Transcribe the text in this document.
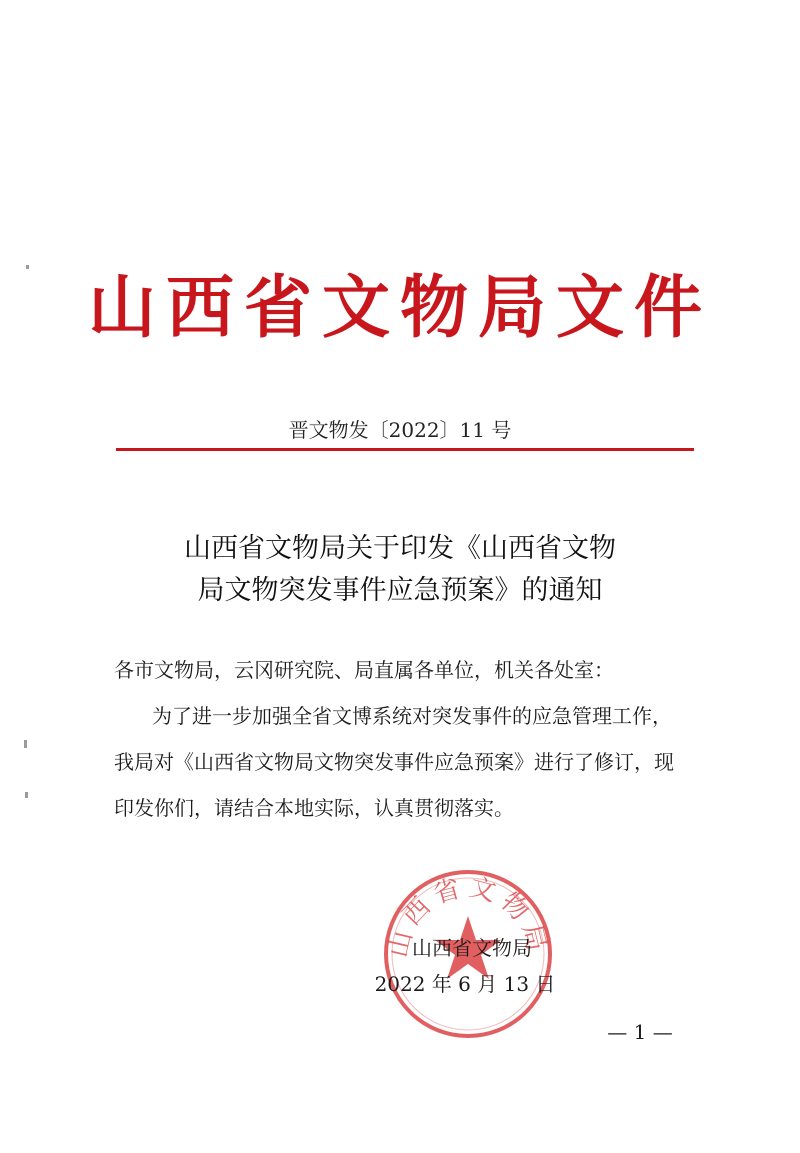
山西省文物局文件
晋文物发〔2022〕11 号
山西省文物局关于印发《山西省文物
局文物突发事件应急预案》的通知

各市文物局，云冈研究院、局直属各单位，机关各处室：

为了进一步加强全省文博系统对突发事件的应急管理工作，

我局对《山西省文物局文物突发事件应急预案》进行了修订，现

印发你们，请结合本地实际，认真贯彻落实。

山西省文物局
山西省文物局
2022 年 6 月 13 日
— 1 —
